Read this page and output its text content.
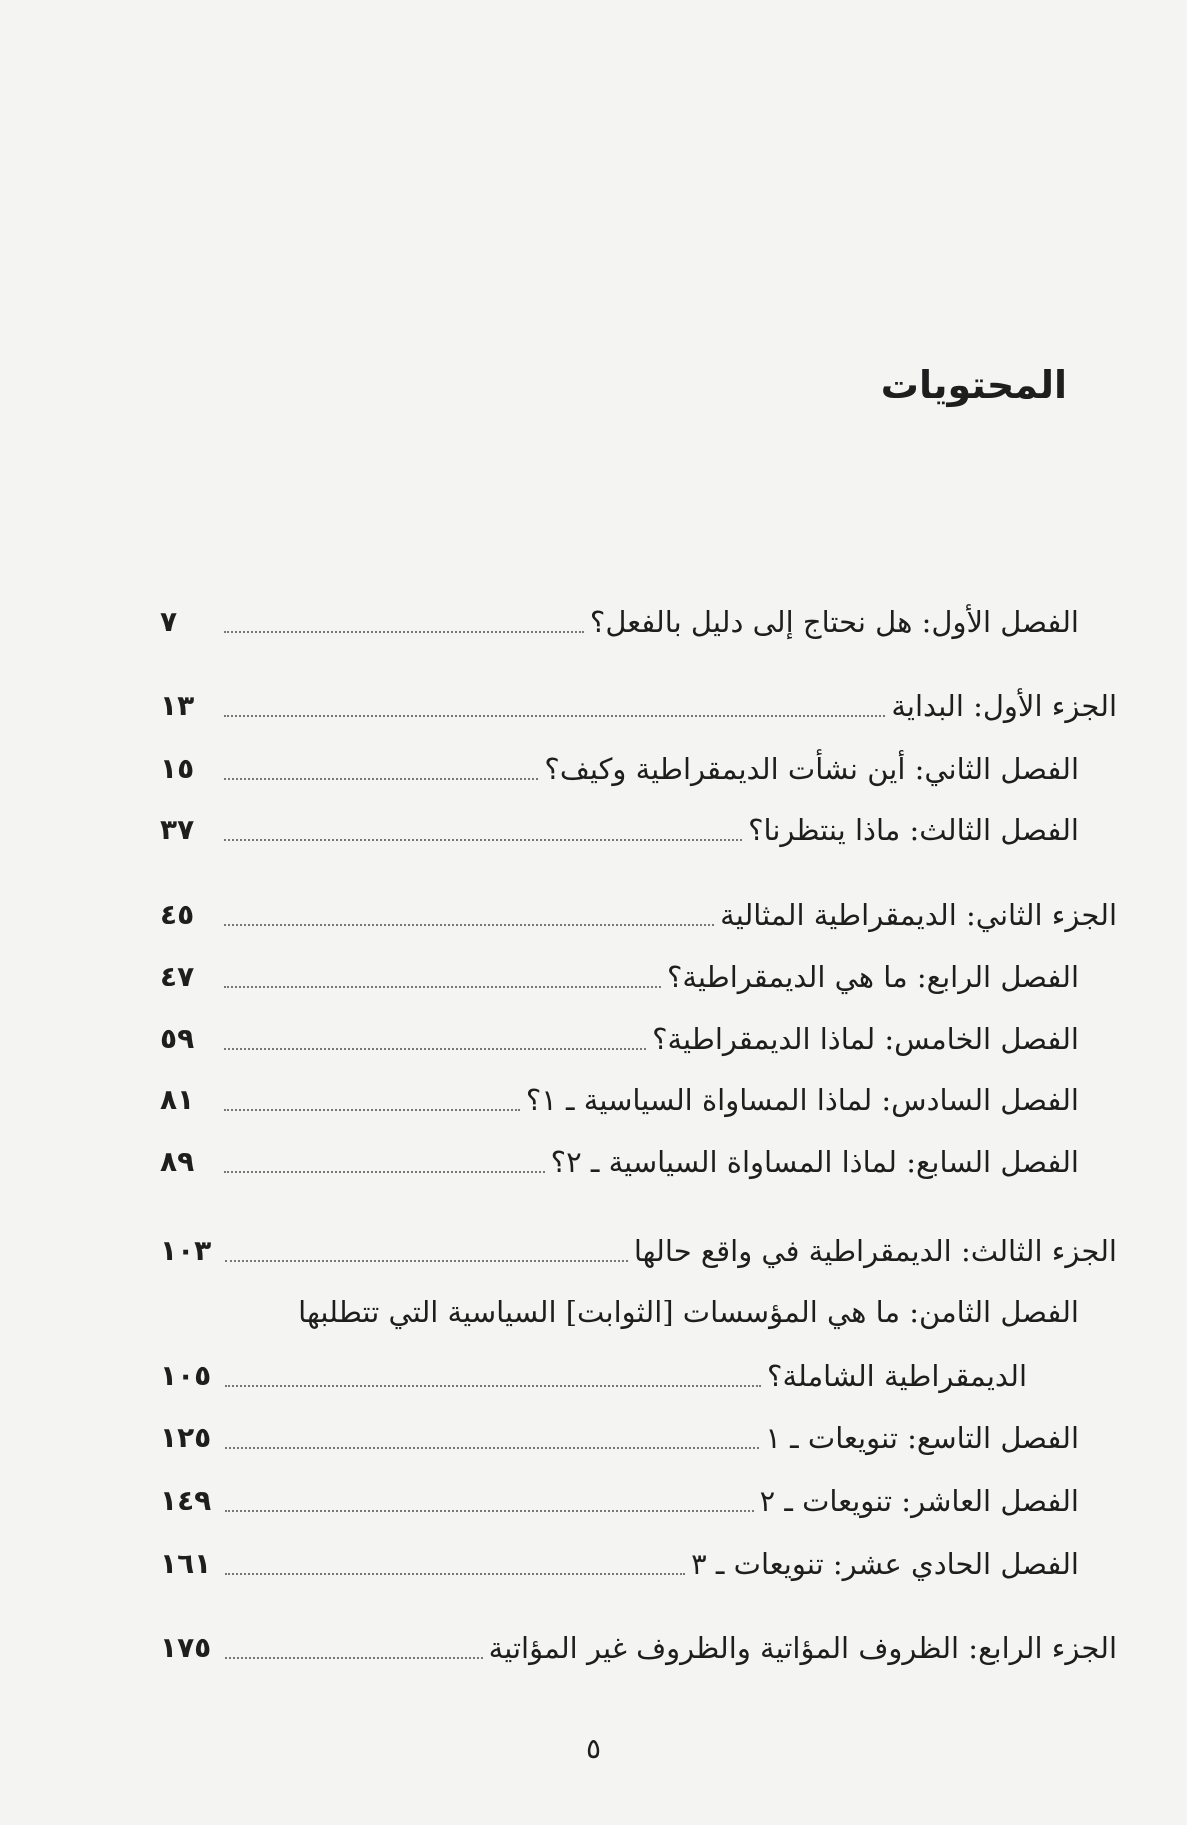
المحتويات
الفصل الأول: هل نحتاج إلى دليل بالفعل؟
٧
الجزء الأول: البداية
١٣
الفصل الثاني: أين نشأت الديمقراطية وكيف؟
١٥
الفصل الثالث: ماذا ينتظرنا؟
٣٧
الجزء الثاني: الديمقراطية المثالية
٤٥
الفصل الرابع: ما هي الديمقراطية؟
٤٧
الفصل الخامس: لماذا الديمقراطية؟
٥٩
الفصل السادس: لماذا المساواة السياسية ـ ١؟
٨١
الفصل السابع: لماذا المساواة السياسية ـ ٢؟
٨٩
الجزء الثالث: الديمقراطية في واقع حالها
١٠٣
الفصل الثامن: ما هي المؤسسات [الثوابت] السياسية التي تتطلبها
الديمقراطية الشاملة؟
١٠٥
الفصل التاسع: تنويعات ـ ١
١٢٥
الفصل العاشر: تنويعات ـ ٢
١٤٩
الفصل الحادي عشر: تنويعات ـ ٣
١٦١
الجزء الرابع: الظروف المؤاتية والظروف غير المؤاتية
١٧٥
٥
